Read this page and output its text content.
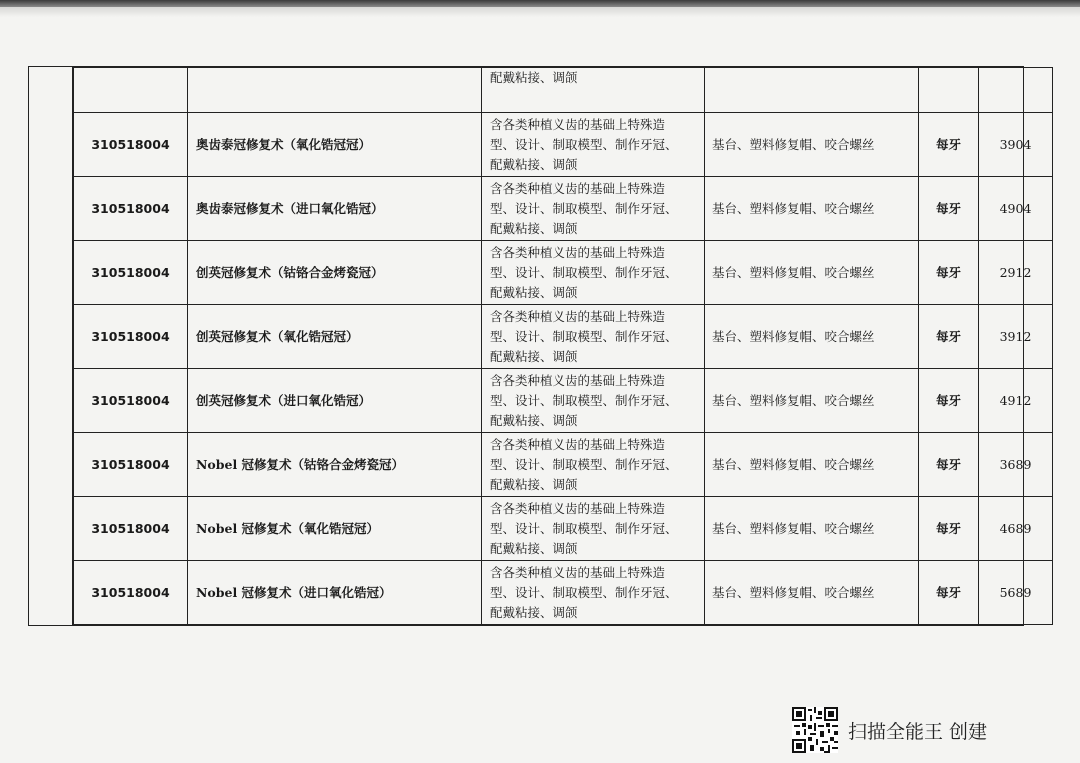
		配戴粘接、调颌			

310518004	奥齿泰冠修复术（氧化锆冠冠）	含各类种植义齿的基础上特殊造
型、设计、制取模型、制作牙冠、
配戴粘接、调颌	基台、塑料修复帽、咬合螺丝	每牙	3904
310518004	奥齿泰冠修复术（进口氧化锆冠）	含各类种植义齿的基础上特殊造
型、设计、制取模型、制作牙冠、
配戴粘接、调颌	基台、塑料修复帽、咬合螺丝	每牙	4904
310518004	创英冠修复术（钴铬合金烤瓷冠）	含各类种植义齿的基础上特殊造
型、设计、制取模型、制作牙冠、
配戴粘接、调颌	基台、塑料修复帽、咬合螺丝	每牙	2912
310518004	创英冠修复术（氧化锆冠冠）	含各类种植义齿的基础上特殊造
型、设计、制取模型、制作牙冠、
配戴粘接、调颌	基台、塑料修复帽、咬合螺丝	每牙	3912
310518004	创英冠修复术（进口氧化锆冠）	含各类种植义齿的基础上特殊造
型、设计、制取模型、制作牙冠、
配戴粘接、调颌	基台、塑料修复帽、咬合螺丝	每牙	4912
310518004	Nobel 冠修复术（钴铬合金烤瓷冠）	含各类种植义齿的基础上特殊造
型、设计、制取模型、制作牙冠、
配戴粘接、调颌	基台、塑料修复帽、咬合螺丝	每牙	3689
310518004	Nobel 冠修复术（氧化锆冠冠）	含各类种植义齿的基础上特殊造
型、设计、制取模型、制作牙冠、
配戴粘接、调颌	基台、塑料修复帽、咬合螺丝	每牙	4689
310518004	Nobel 冠修复术（进口氧化锆冠）	含各类种植义齿的基础上特殊造
型、设计、制取模型、制作牙冠、
配戴粘接、调颌	基台、塑料修复帽、咬合螺丝	每牙	5689
扫描全能王 创建
